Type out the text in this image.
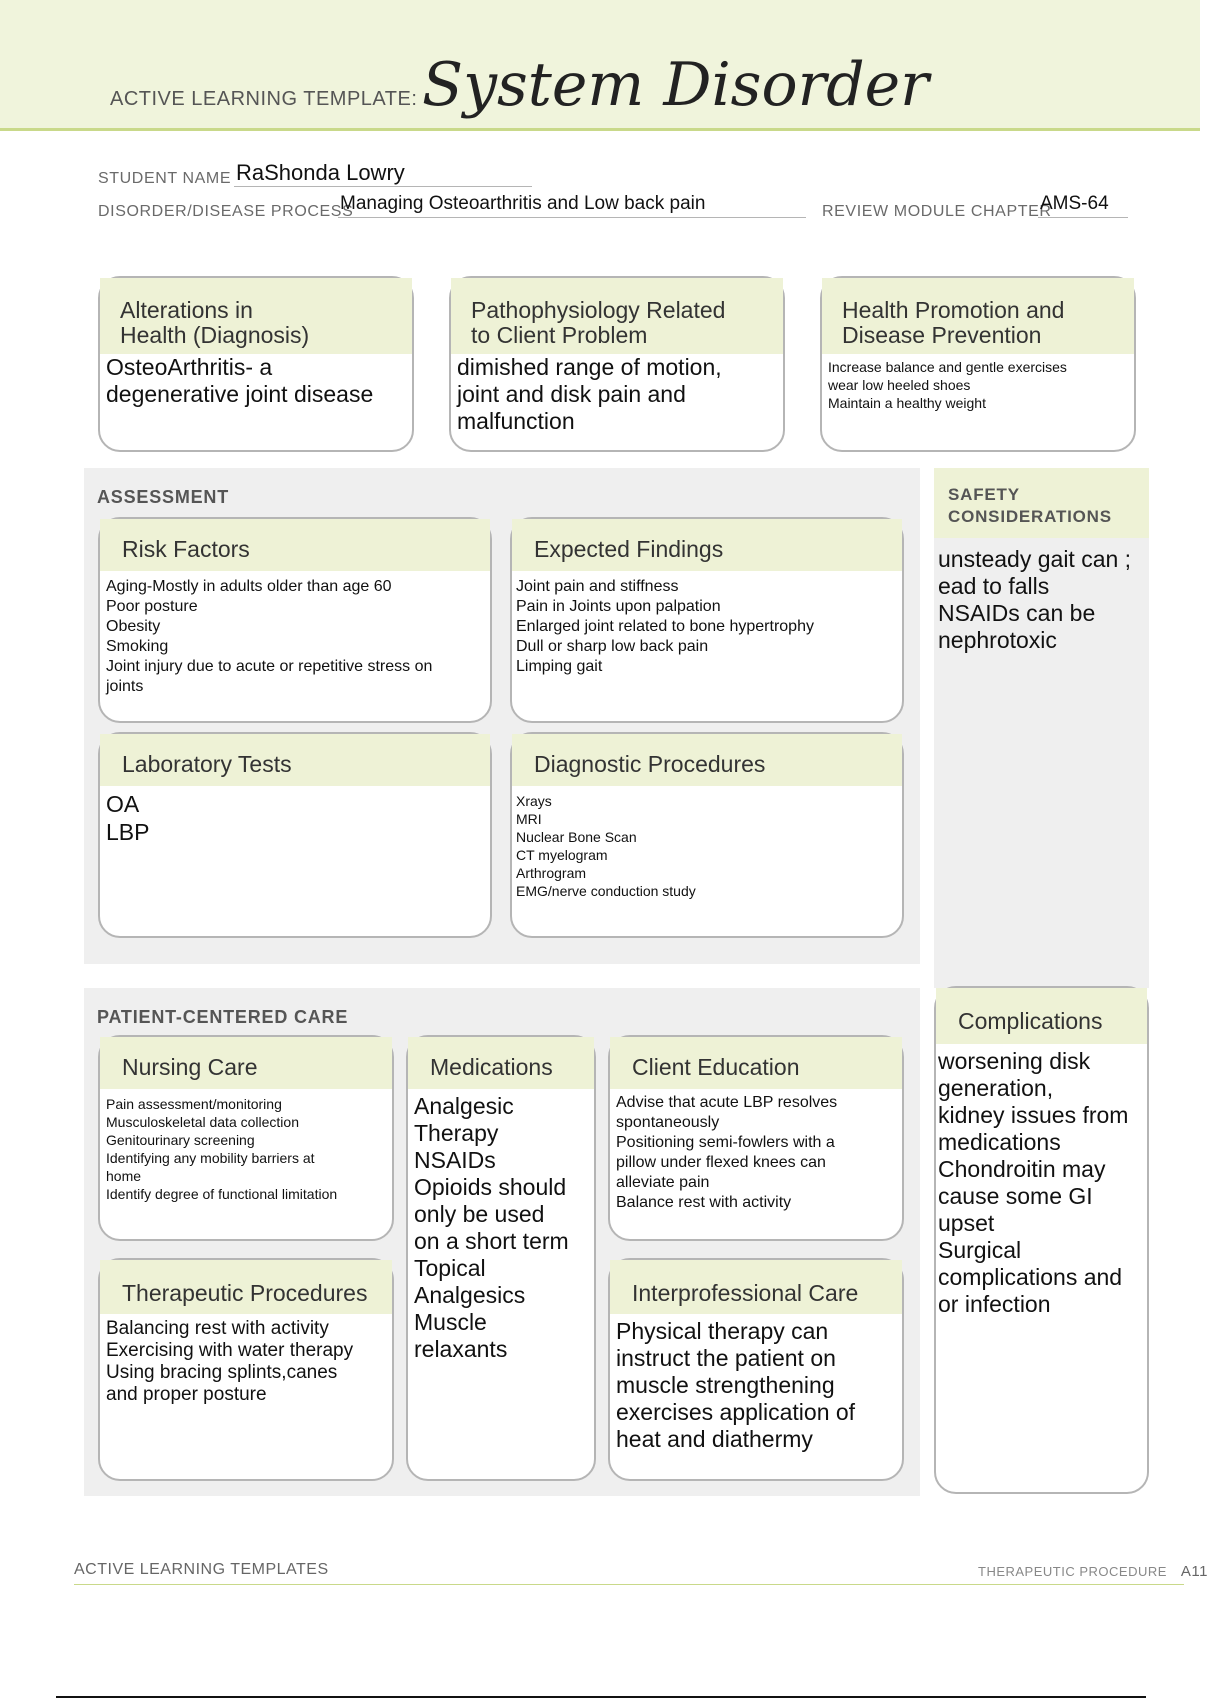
ACTIVE LEARNING TEMPLATE: System Disorder
STUDENT NAME RaShonda Lowry
DISORDER/DISEASE PROCESS
Managing Osteoarthritis and Low back pain	REVIEW MODULE CHAPTER
AMS-64
Alterations in
Health (Diagnosis)
OsteoArthritis- a
degenerative joint disease
Pathophysiology Related
to Client Problem
dimished range of motion,
joint and disk pain and
malfunction
Health Promotion and
Disease Prevention
Increase balance and gentle exercises
wear low heeled shoes
Maintain a healthy weight
ASSESSMENT
Risk Factors
Aging-Mostly in adults older than age 60
Poor posture
Obesity
Smoking
Joint injury due to acute or repetitive stress on
joints
Expected Findings
Joint pain and stiffness
Pain in Joints upon palpation
Enlarged joint related to bone hypertrophy
Dull or sharp low back pain
Limping gait
Laboratory Tests
OA
LBP
Diagnostic Procedures
Xrays
MRI
Nuclear Bone Scan
CT myelogram
Arthrogram
EMG/nerve conduction study
SAFETY
CONSIDERATIONS
unsteady gait can ;
ead to falls
NSAIDs can be
nephrotoxic
PATIENT-CENTERED CARE
Nursing Care
Pain assessment/monitoring
Musculoskeletal data collection
Genitourinary screening
Identifying any mobility barriers at
home
Identify degree of functional limitation
Medications
Analgesic
Therapy
NSAIDs
Opioids should
only be used
on a short term
Topical
Analgesics
Muscle
relaxants
Client Education
Advise that acute LBP resolves
spontaneously
Positioning semi-fowlers with a
pillow under flexed knees can
alleviate pain
Balance rest with activity
Therapeutic Procedures
Balancing rest with activity
Exercising with water therapy
Using bracing splints,canes
and proper posture
Interprofessional Care
Physical therapy can
instruct the patient on
muscle strengthening
exercises application of
heat and diathermy
Complications
worsening disk
generation,
kidney issues from
medications
Chondroitin may
cause some GI
upset
Surgical
complications and
or infection
ACTIVE LEARNING TEMPLATES	THERAPEUTIC PROCEDURE A11
